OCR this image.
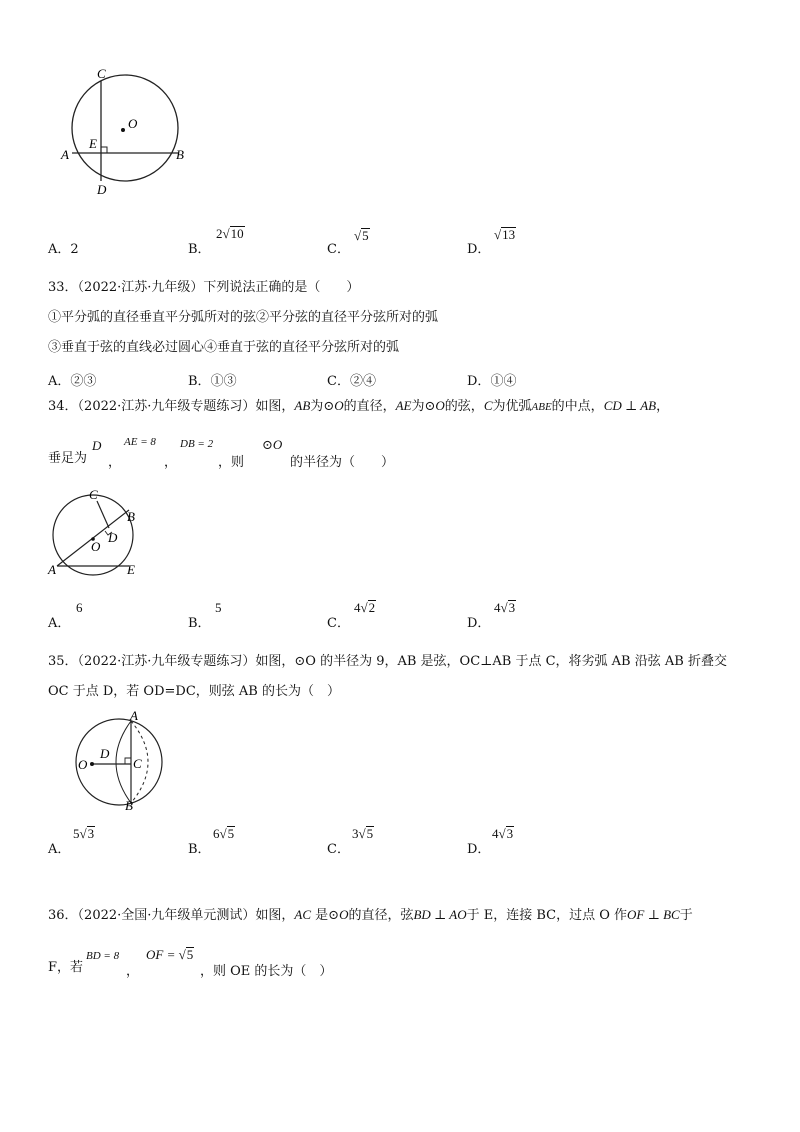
C
O
E
A	B
D
A．2	B．
2√10
C．
√5
D．
√13
33．（2022·江苏·九年级）下列说法正确的是（　　）
①平分弧的直径垂直平分弧所对的弦②平分弦的直径平分弦所对的弧
③垂直于弦的直线必过圆心④垂直于弦的直径平分弦所对的弧
A．②③	B．①③	C．②④	D．①④
34．（2022·江苏·九年级专题练习）如图，AB为⊙O的直径，AE为⊙O的弦，C为优弧ABE的中点，CD ⊥ AB，
垂足为
D
，
AE = 8
，
DB = 2
，则
⊙O
的半径为（　　）
C
B
D
O
A	E
A．
6
B．
5
C．
4√2
D．
4√3
35．（2022·江苏·九年级专题练习）如图，⊙O 的半径为 9，AB 是弦，OC⊥AB 于点 C，将劣弧 AB 沿弦 AB 折叠交
OC 于点 D，若 OD=DC，则弦 AB 的长为（　）
A
D
O	C
B
A．
5√3
B．
6√5
C．
3√5
D．
4√3
36．（2022·全国·九年级单元测试）如图，AC 是⊙O的直径，弦BD ⊥ AO于 E，连接 BC，过点 O 作OF ⊥ BC于
F，若
BD = 8
，
OF = √5
，则 OE 的长为（　）
